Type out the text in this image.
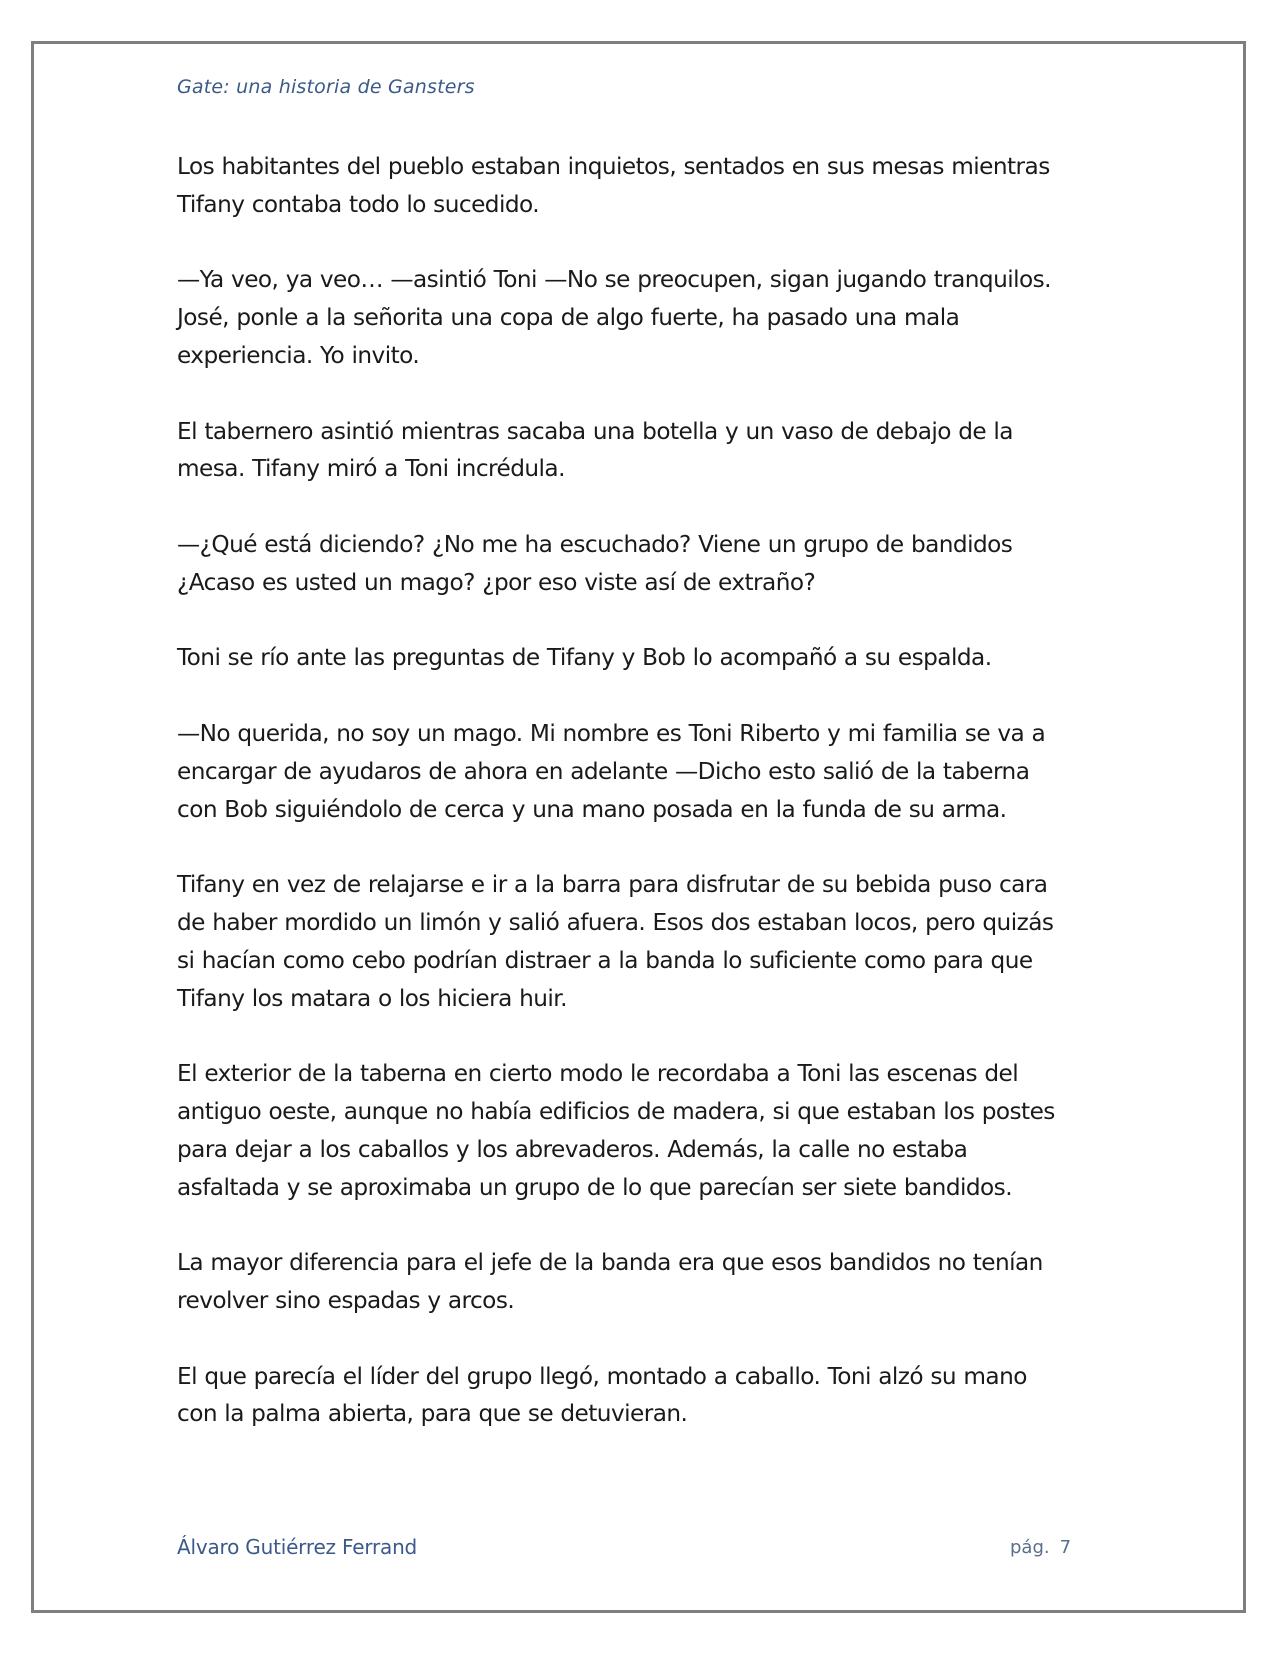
Gate: una historia de Gansters

Los habitantes del pueblo estaban inquietos, sentados en sus mesas mientras
Tifany contaba todo lo sucedido.

—Ya veo, ya veo… —asintió Toni —No se preocupen, sigan jugando tranquilos.
José, ponle a la señorita una copa de algo fuerte, ha pasado una mala
experiencia. Yo invito.

El tabernero asintió mientras sacaba una botella y un vaso de debajo de la
mesa. Tifany miró a Toni incrédula.

—¿Qué está diciendo? ¿No me ha escuchado? Viene un grupo de bandidos
¿Acaso es usted un mago? ¿por eso viste así de extraño?

Toni se río ante las preguntas de Tifany y Bob lo acompañó a su espalda.

—No querida, no soy un mago. Mi nombre es Toni Riberto y mi familia se va a
encargar de ayudaros de ahora en adelante —Dicho esto salió de la taberna
con Bob siguiéndolo de cerca y una mano posada en la funda de su arma.

Tifany en vez de relajarse e ir a la barra para disfrutar de su bebida puso cara
de haber mordido un limón y salió afuera. Esos dos estaban locos, pero quizás
si hacían como cebo podrían distraer a la banda lo suficiente como para que
Tifany los matara o los hiciera huir.

El exterior de la taberna en cierto modo le recordaba a Toni las escenas del
antiguo oeste, aunque no había edificios de madera, si que estaban los postes
para dejar a los caballos y los abrevaderos. Además, la calle no estaba
asfaltada y se aproximaba un grupo de lo que parecían ser siete bandidos.

La mayor diferencia para el jefe de la banda era que esos bandidos no tenían
revolver sino espadas y arcos.

El que parecía el líder del grupo llegó, montado a caballo. Toni alzó su mano
con la palma abierta, para que se detuvieran.

Álvaro Gutiérrez Ferrand	pág. 7
